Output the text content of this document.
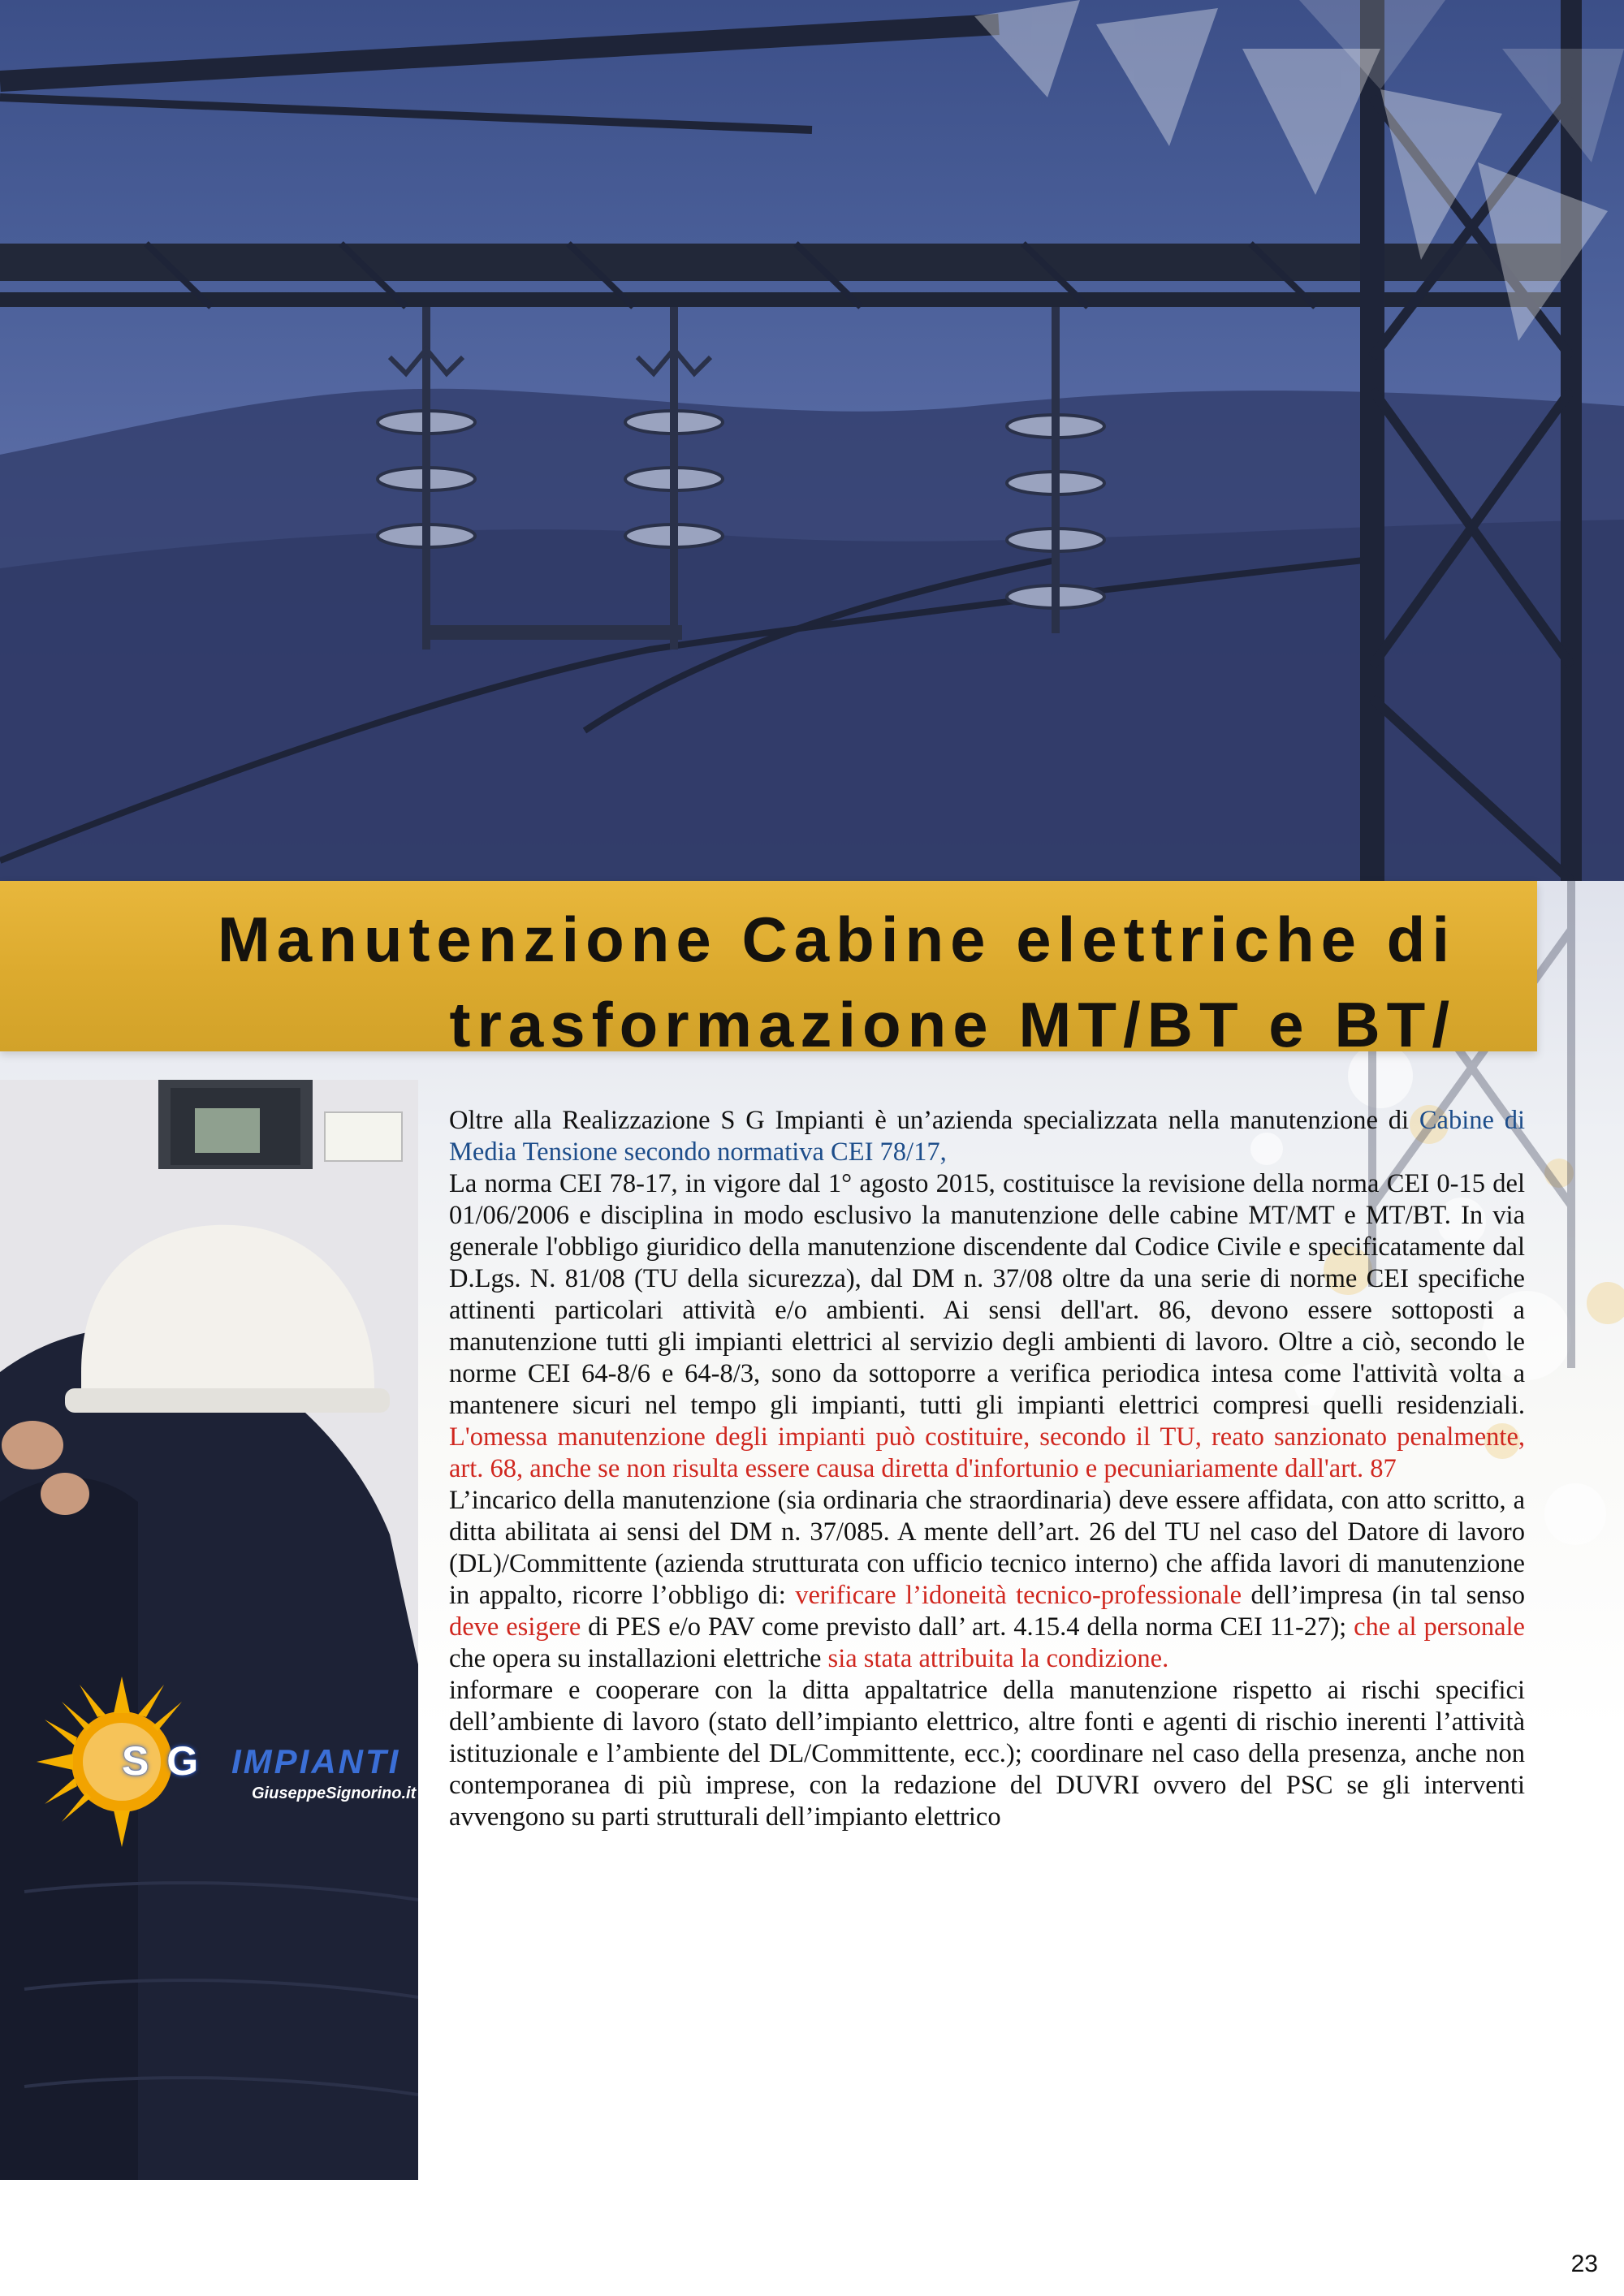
Manutenzione Cabine elettriche di
trasformazione MT/BT e BT/
S G IMPIANTI
GiuseppeSignorino.it

Oltre alla Realizzazione S G Impianti è un’azienda specializzata nella manutenzione di Cabine di Media Tensione secondo normativa CEI 78/17,

La norma CEI 78-17, in vigore dal 1° agosto 2015, costituisce la revisione della norma CEI 0-15 del 01/06/2006 e disciplina in modo esclusivo la manutenzione delle cabine MT/MT e MT/BT. In via generale l'obbligo giuridico della manutenzione discendente dal Codice Civile e specificatamente dal D.Lgs. N. 81/08 (TU della sicurezza), dal DM n. 37/08 oltre da una serie di norme CEI specifiche attinenti particolari attività e/o ambienti. Ai sensi dell'art. 86, devono essere sottoposti a manutenzione tutti gli impianti elettrici al servizio degli ambienti di lavoro. Oltre a ciò, secondo le norme CEI 64-8/6 e 64-8/3, sono da sottoporre a verifica periodica intesa come l'attività volta a mantenere sicuri nel tempo gli impianti, tutti gli impianti elettrici compresi quelli residenziali. L'omessa manutenzione degli impianti può costituire, secondo il TU, reato sanzionato penalmente, art. 68, anche se non risulta essere causa diretta d'infortunio e pecuniariamente dall'art. 87

L’incarico della manutenzione (sia ordinaria che straordinaria) deve essere affidata, con atto scritto, a ditta abilitata ai sensi del DM n. 37/085. A mente dell’art. 26 del TU nel caso del Datore di lavoro (DL)/Committente (azienda strutturata con ufficio tecnico interno) che affida lavori di manutenzione in appalto, ricorre l’obbligo di: verificare l’idoneità tecnico-professionale dell’impresa (in tal senso deve esigere di PES e/o PAV come previsto dall’ art. 4.15.4 della norma CEI 11-27); che al personale che opera su installazioni elettriche sia stata attribuita la condizione.

informare e cooperare con la ditta appaltatrice della manutenzione rispetto ai rischi specifici dell’ambiente di lavoro (stato dell’impianto elettrico, altre fonti e agenti di rischio inerenti l’attività istituzionale e l’ambiente del DL/Committente, ecc.); coordinare nel caso della presenza, anche non contemporanea di più imprese, con la redazione del DUVRI ovvero del PSC se gli interventi avvengono su parti strutturali dell’impianto elettrico

23
